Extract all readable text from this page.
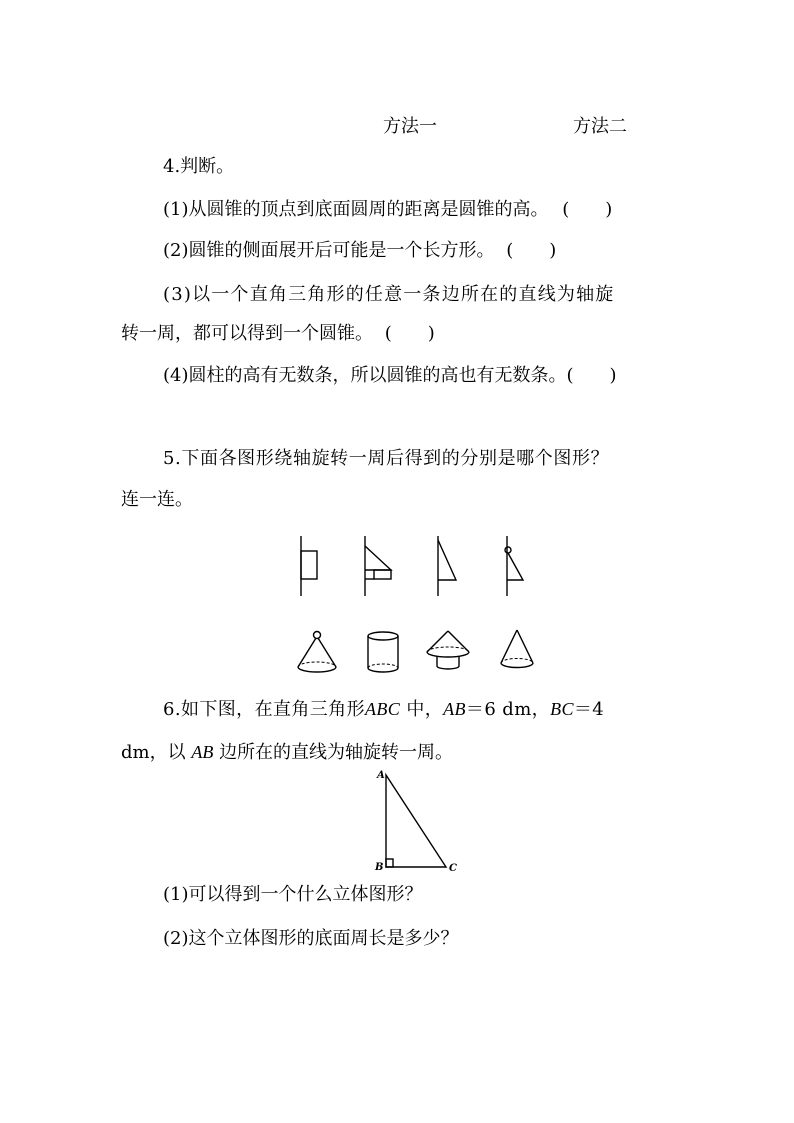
方法一	方法二
4.判断。
(1)从圆锥的顶点到底面圆周的距离是圆锥的高。 ( )
(2)圆锥的侧面展开后可能是一个长方形。 ( )
(3)以一个直角三角形的任意一条边所在的直线为轴旋
转一周，都可以得到一个圆锥。 ( )
(4)圆柱的高有无数条，所以圆锥的高也有无数条。( )
5.下面各图形绕轴旋转一周后得到的分别是哪个图形？
连一连。
6.如下图，在直角三角形ABC 中，AB＝6 dm，BC＝4
dm，以 AB 边所在的直线为轴旋转一周。
A
B	C
(1)可以得到一个什么立体图形？
(2)这个立体图形的底面周长是多少？
